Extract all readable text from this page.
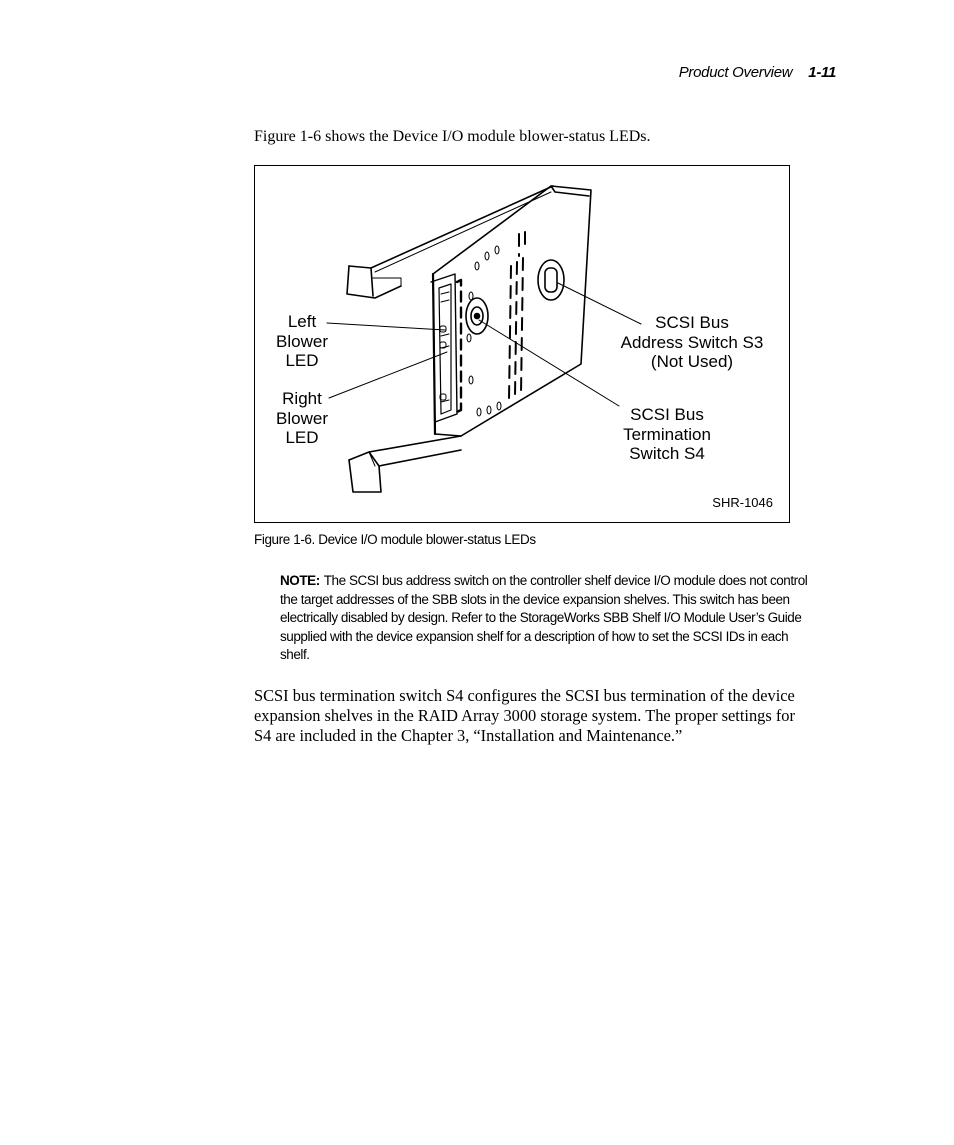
Product Overview 1-11
Figure 1-6 shows the Device I/O module blower-status LEDs.
Left
Blower
LED
Right
Blower
LED
SCSI Bus
Address Switch S3
(Not Used)
SCSI Bus
Termination
Switch S4
SHR-1046
Figure 1-6. Device I/O module blower-status LEDs
NOTE: The SCSI bus address switch on the controller shelf device I/O module does not control the target addresses of the SBB slots in the device expansion shelves. This switch has been electrically disabled by design. Refer to the StorageWorks SBB Shelf I/O Module User’s Guide supplied with the device expansion shelf for a description of how to set the SCSI IDs in each shelf.
SCSI bus termination switch S4 configures the SCSI bus termination of the device expansion shelves in the RAID Array 3000 storage system. The proper settings for S4 are included in the Chapter 3, “Installation and Maintenance.”
